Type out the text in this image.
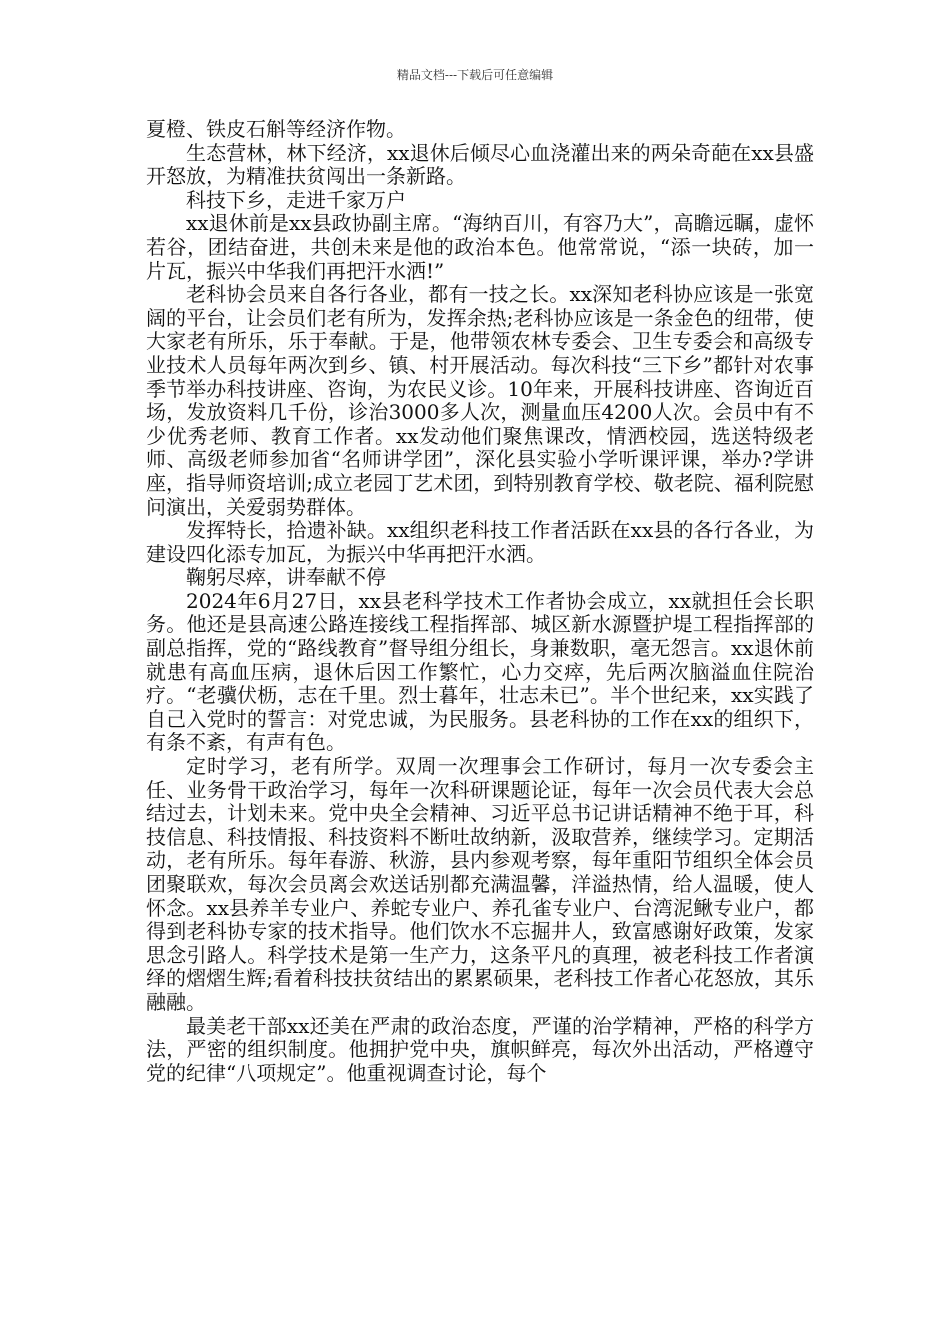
精品文档---下载后可任意编辑

夏橙、铁皮石斛等经济作物。

生态营林，林下经济，xx退休后倾尽心血浇灌出来的两朵奇葩在xx县盛开怒放，为精准扶贫闯出一条新路。

科技下乡，走进千家万户

xx退休前是xx县政协副主席。“海纳百川，有容乃大”，高瞻远瞩，虚怀若谷，团结奋进，共创未来是他的政治本色。他常常说，“添一块砖，加一片瓦，振兴中华我们再把汗水洒!”

老科协会员来自各行各业，都有一技之长。xx深知老科协应该是一张宽阔的平台，让会员们老有所为，发挥余热;老科协应该是一条金色的纽带，使大家老有所乐，乐于奉献。于是，他带领农林专委会、卫生专委会和高级专业技术人员每年两次到乡、镇、村开展活动。每次科技“三下乡”都针对农事季节举办科技讲座、咨询，为农民义诊。10年来，开展科技讲座、咨询近百场，发放资料几千份，诊治3000多人次，测量血压4200人次。会员中有不少优秀老师、教育工作者。xx发动他们聚焦课改，情洒校园，选送特级老师、高级老师参加省“名师讲学团”，深化县实验小学听课评课，举办?学讲座，指导师资培训;成立老园丁艺术团，到特别教育学校、敬老院、福利院慰问演出，关爱弱势群体。

发挥特长，拾遗补缺。xx组织老科技工作者活跃在xx县的各行各业，为建设四化添专加瓦，为振兴中华再把汗水洒。

鞠躬尽瘁，讲奉献不停

2024年6月27日，xx县老科学技术工作者协会成立，xx就担任会长职务。他还是县高速公路连接线工程指挥部、城区新水源暨护堤工程指挥部的副总指挥，党的“路线教育”督导组分组长，身兼数职，毫无怨言。xx退休前就患有高血压病，退休后因工作繁忙，心力交瘁，先后两次脑溢血住院治疗。“老骥伏枥，志在千里。烈士暮年，壮志未已”。半个世纪来，xx实践了自己入党时的誓言：对党忠诚，为民服务。县老科协的工作在xx的组织下，有条不紊，有声有色。

定时学习，老有所学。双周一次理事会工作研讨，每月一次专委会主任、业务骨干政治学习，每年一次科研课题论证，每年一次会员代表大会总结过去，计划未来。党中央全会精神、习近平总书记讲话精神不绝于耳，科技信息、科技情报、科技资料不断吐故纳新，汲取营养，继续学习。定期活动，老有所乐。每年春游、秋游，县内参观考察，每年重阳节组织全体会员团聚联欢，每次会员离会欢送话别都充满温馨，洋溢热情，给人温暖，使人怀念。xx县养羊专业户、养蛇专业户、养孔雀专业户、台湾泥鳅专业户，都得到老科协专家的技术指导。他们饮水不忘掘井人，致富感谢好政策，发家思念引路人。科学技术是第一生产力，这条平凡的真理，被老科技工作者演绎的熠熠生辉;看着科技扶贫结出的累累硕果，老科技工作者心花怒放，其乐融融。

最美老干部xx还美在严肃的政治态度，严谨的治学精神，严格的科学方法，严密的组织制度。他拥护党中央，旗帜鲜亮，每次外出活动，严格遵守党的纪律“八项规定”。他重视调查讨论，每个
